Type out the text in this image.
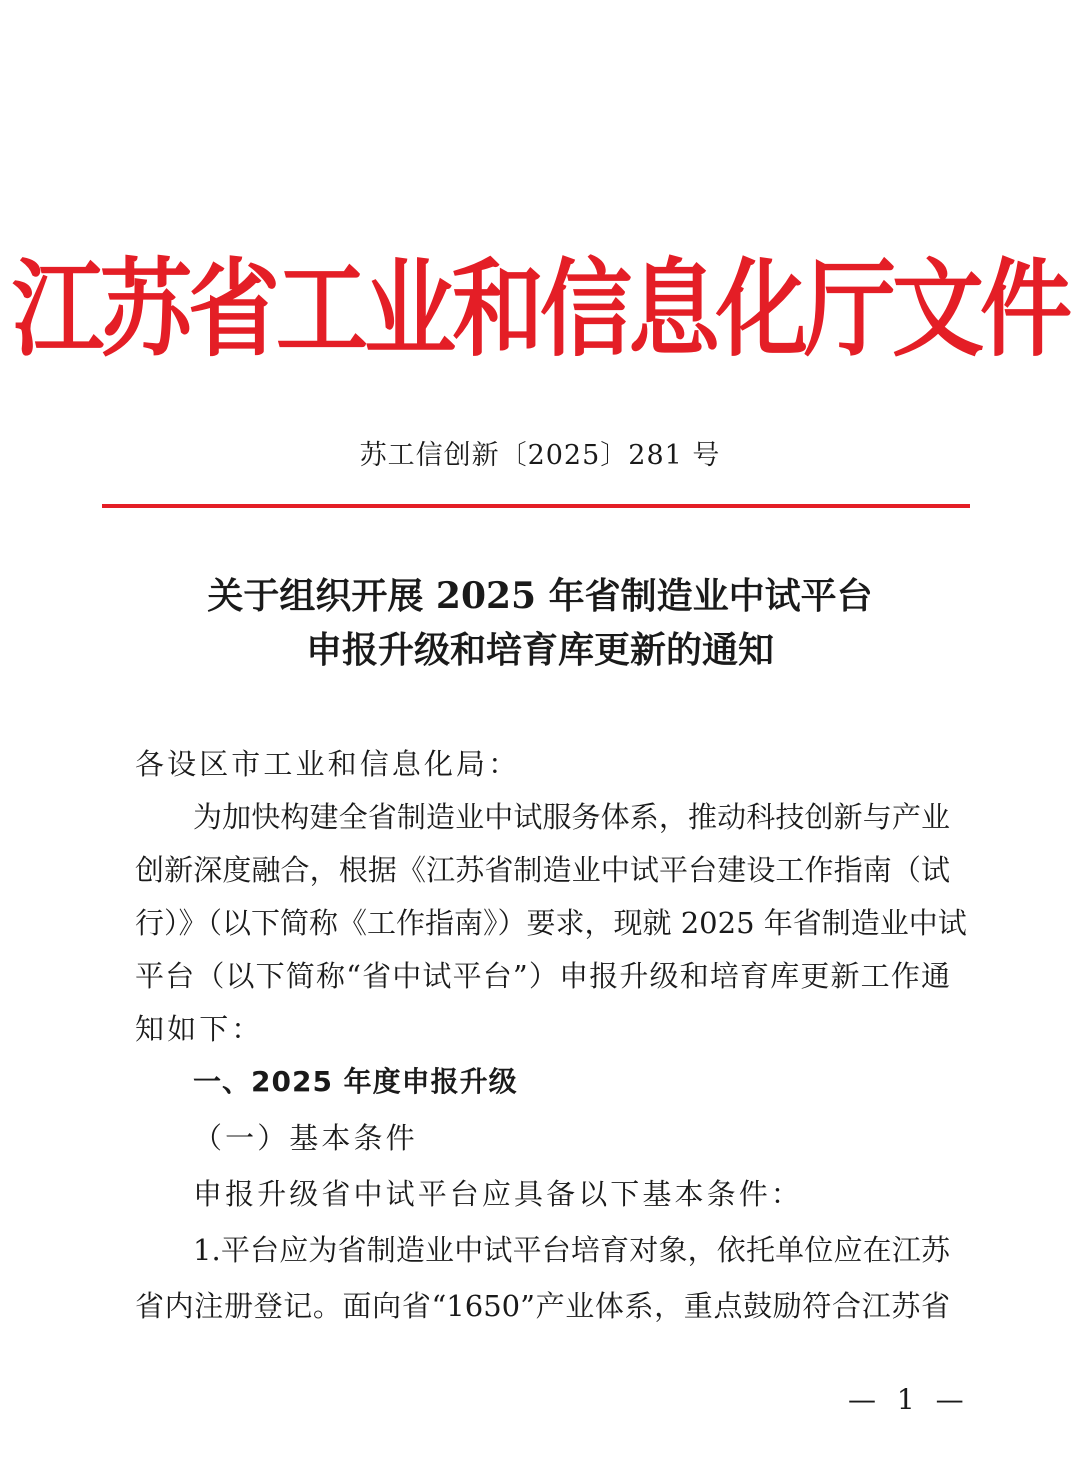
江苏省工业和信息化厅文件
苏工信创新〔2025〕281 号
关于组织开展 2025 年省制造业中试平台
申报升级和培育库更新的通知
各设区市工业和信息化局：
为加快构建全省制造业中试服务体系，推动科技创新与产业
创新深度融合，根据《江苏省制造业中试平台建设工作指南（试
行）》（以下简称《工作指南》）要求，现就 2025 年省制造业中试
平台（以下简称“省中试平台”）申报升级和培育库更新工作通
知如下：
一、2025 年度申报升级
（一）基本条件
申报升级省中试平台应具备以下基本条件：
1.平台应为省制造业中试平台培育对象，依托单位应在江苏
省内注册登记。面向省“1650”产业体系，重点鼓励符合江苏省
— 1 —
